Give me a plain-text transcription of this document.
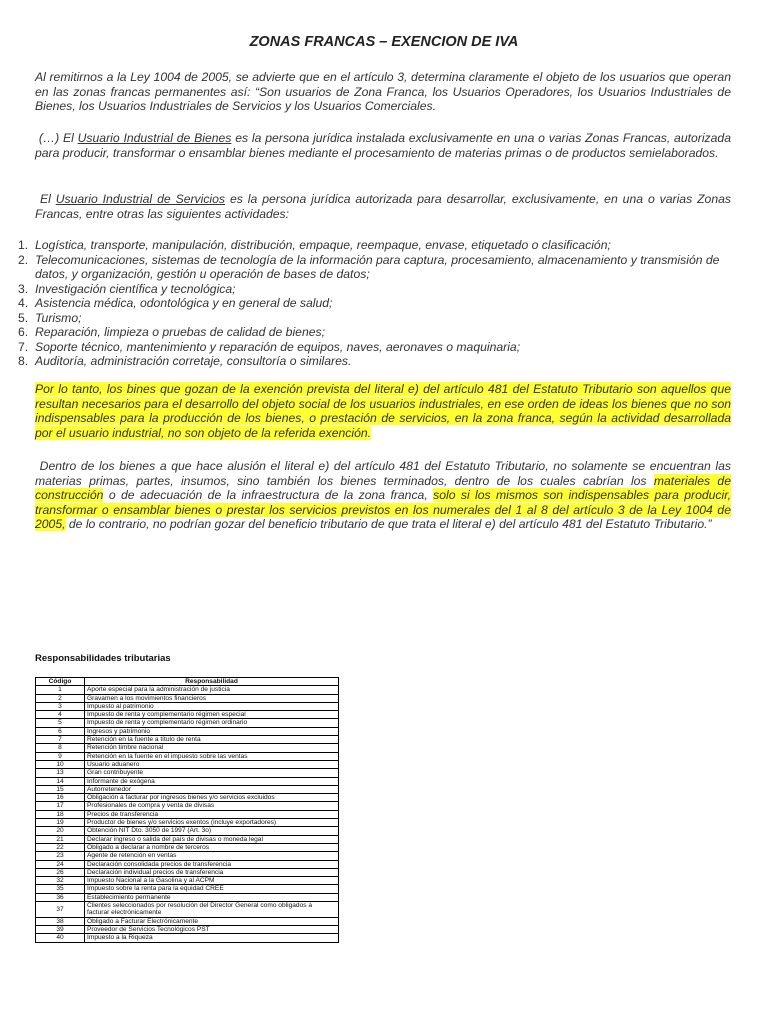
ZONAS FRANCAS – EXENCION DE IVA
Al remitirnos a la Ley 1004 de 2005, se advierte que en el artículo 3, determina claramente el objeto de los usuarios que operan en las zonas francas permanentes así: “Son usuarios de Zona Franca, los Usuarios Operadores, los Usuarios Industriales de Bienes, los Usuarios Industriales de Servicios y los Usuarios Comerciales.
(…) El Usuario Industrial de Bienes es la persona jurídica instalada exclusivamente en una o varias Zonas Francas, autorizada para producir, transformar o ensamblar bienes mediante el procesamiento de materias primas o de productos semielaborados.
El Usuario Industrial de Servicios es la persona jurídica autorizada para desarrollar, exclusivamente, en una o varias Zonas Francas, entre otras las siguientes actividades:
1. Logística, transporte, manipulación, distribución, empaque, reempaque, envase, etiquetado o clasificación;
2. Telecomunicaciones, sistemas de tecnología de la información para captura, procesamiento, almacenamiento y transmisión de datos, y organización, gestión u operación de bases de datos;
3. Investigación científica y tecnológica;
4. Asistencia médica, odontológica y en general de salud;
5. Turismo;
6. Reparación, limpieza o pruebas de calidad de bienes;
7. Soporte técnico, mantenimiento y reparación de equipos, naves, aeronaves o maquinaria;
8. Auditoría, administración corretaje, consultoría o similares.
Por lo tanto, los bines que gozan de la exención prevista del literal e) del artículo 481 del Estatuto Tributario son aquellos que resultan necesarios para el desarrollo del objeto social de los usuarios industriales, en ese orden de ideas los bienes que no son indispensables para la producción de los bienes, o prestación de servicios, en la zona franca, según la actividad desarrollada por el usuario industrial, no son objeto de la referida exención.
Dentro de los bienes a que hace alusión el literal e) del artículo 481 del Estatuto Tributario, no solamente se encuentran las materias primas, partes, insumos, sino también los bienes terminados, dentro de los cuales cabrían los materiales de construcción o de adecuación de la infraestructura de la zona franca, solo si los mismos son indispensables para producir, transformar o ensamblar bienes o prestar los servicios previstos en los numerales del 1 al 8 del artículo 3 de la Ley 1004 de 2005, de lo contrario, no podrían gozar del beneficio tributario de que trata el literal e) del artículo 481 del Estatuto Tributario.”
Responsabilidades tributarias
Código	Responsabilidad
1	Aporte especial para la administración de justicia
2	Gravamen a los movimientos financieros
3	Impuesto al patrimonio
4	Impuesto de renta y complementario régimen especial
5	Impuesto de renta y complementario régimen ordinario
6	Ingresos y patrimonio
7	Retención en la fuente a título de renta
8	Retención timbre nacional
9	Retención en la fuente en el impuesto sobre las ventas
10	Usuario aduanero
13	Gran contribuyente
14	Informante de exógena
15	Autorretenedor
16	Obligación a facturar por ingresos bienes y/o servicios excluidos
17	Profesionales de compra y venta de divisas
18	Precios de transferencia
19	Productor de bienes y/o servicios exentos (incluye exportadores)
20	Obtención NIT Dto. 3050 de 1997 (Art. 3o)
21	Declarar ingreso o salida del país de divisas o moneda legal
22	Obligado a declarar a nombre de terceros
23	Agente de retención en ventas
24	Declaración consolidada precios de transferencia
26	Declaración individual precios de transferencia
32	Impuesto Nacional a la Gasolina y al ACPM
35	Impuesto sobre la renta para la equidad CREE
36	Establecimiento permanente
37	Clientes seleccionados por resolución del Director General como obligados a facturar electrónicamente
38	Obligado a Facturar Electrónicamente
39	Proveedor de Servicios Tecnológicos PST
40	Impuesto a la Riqueza
